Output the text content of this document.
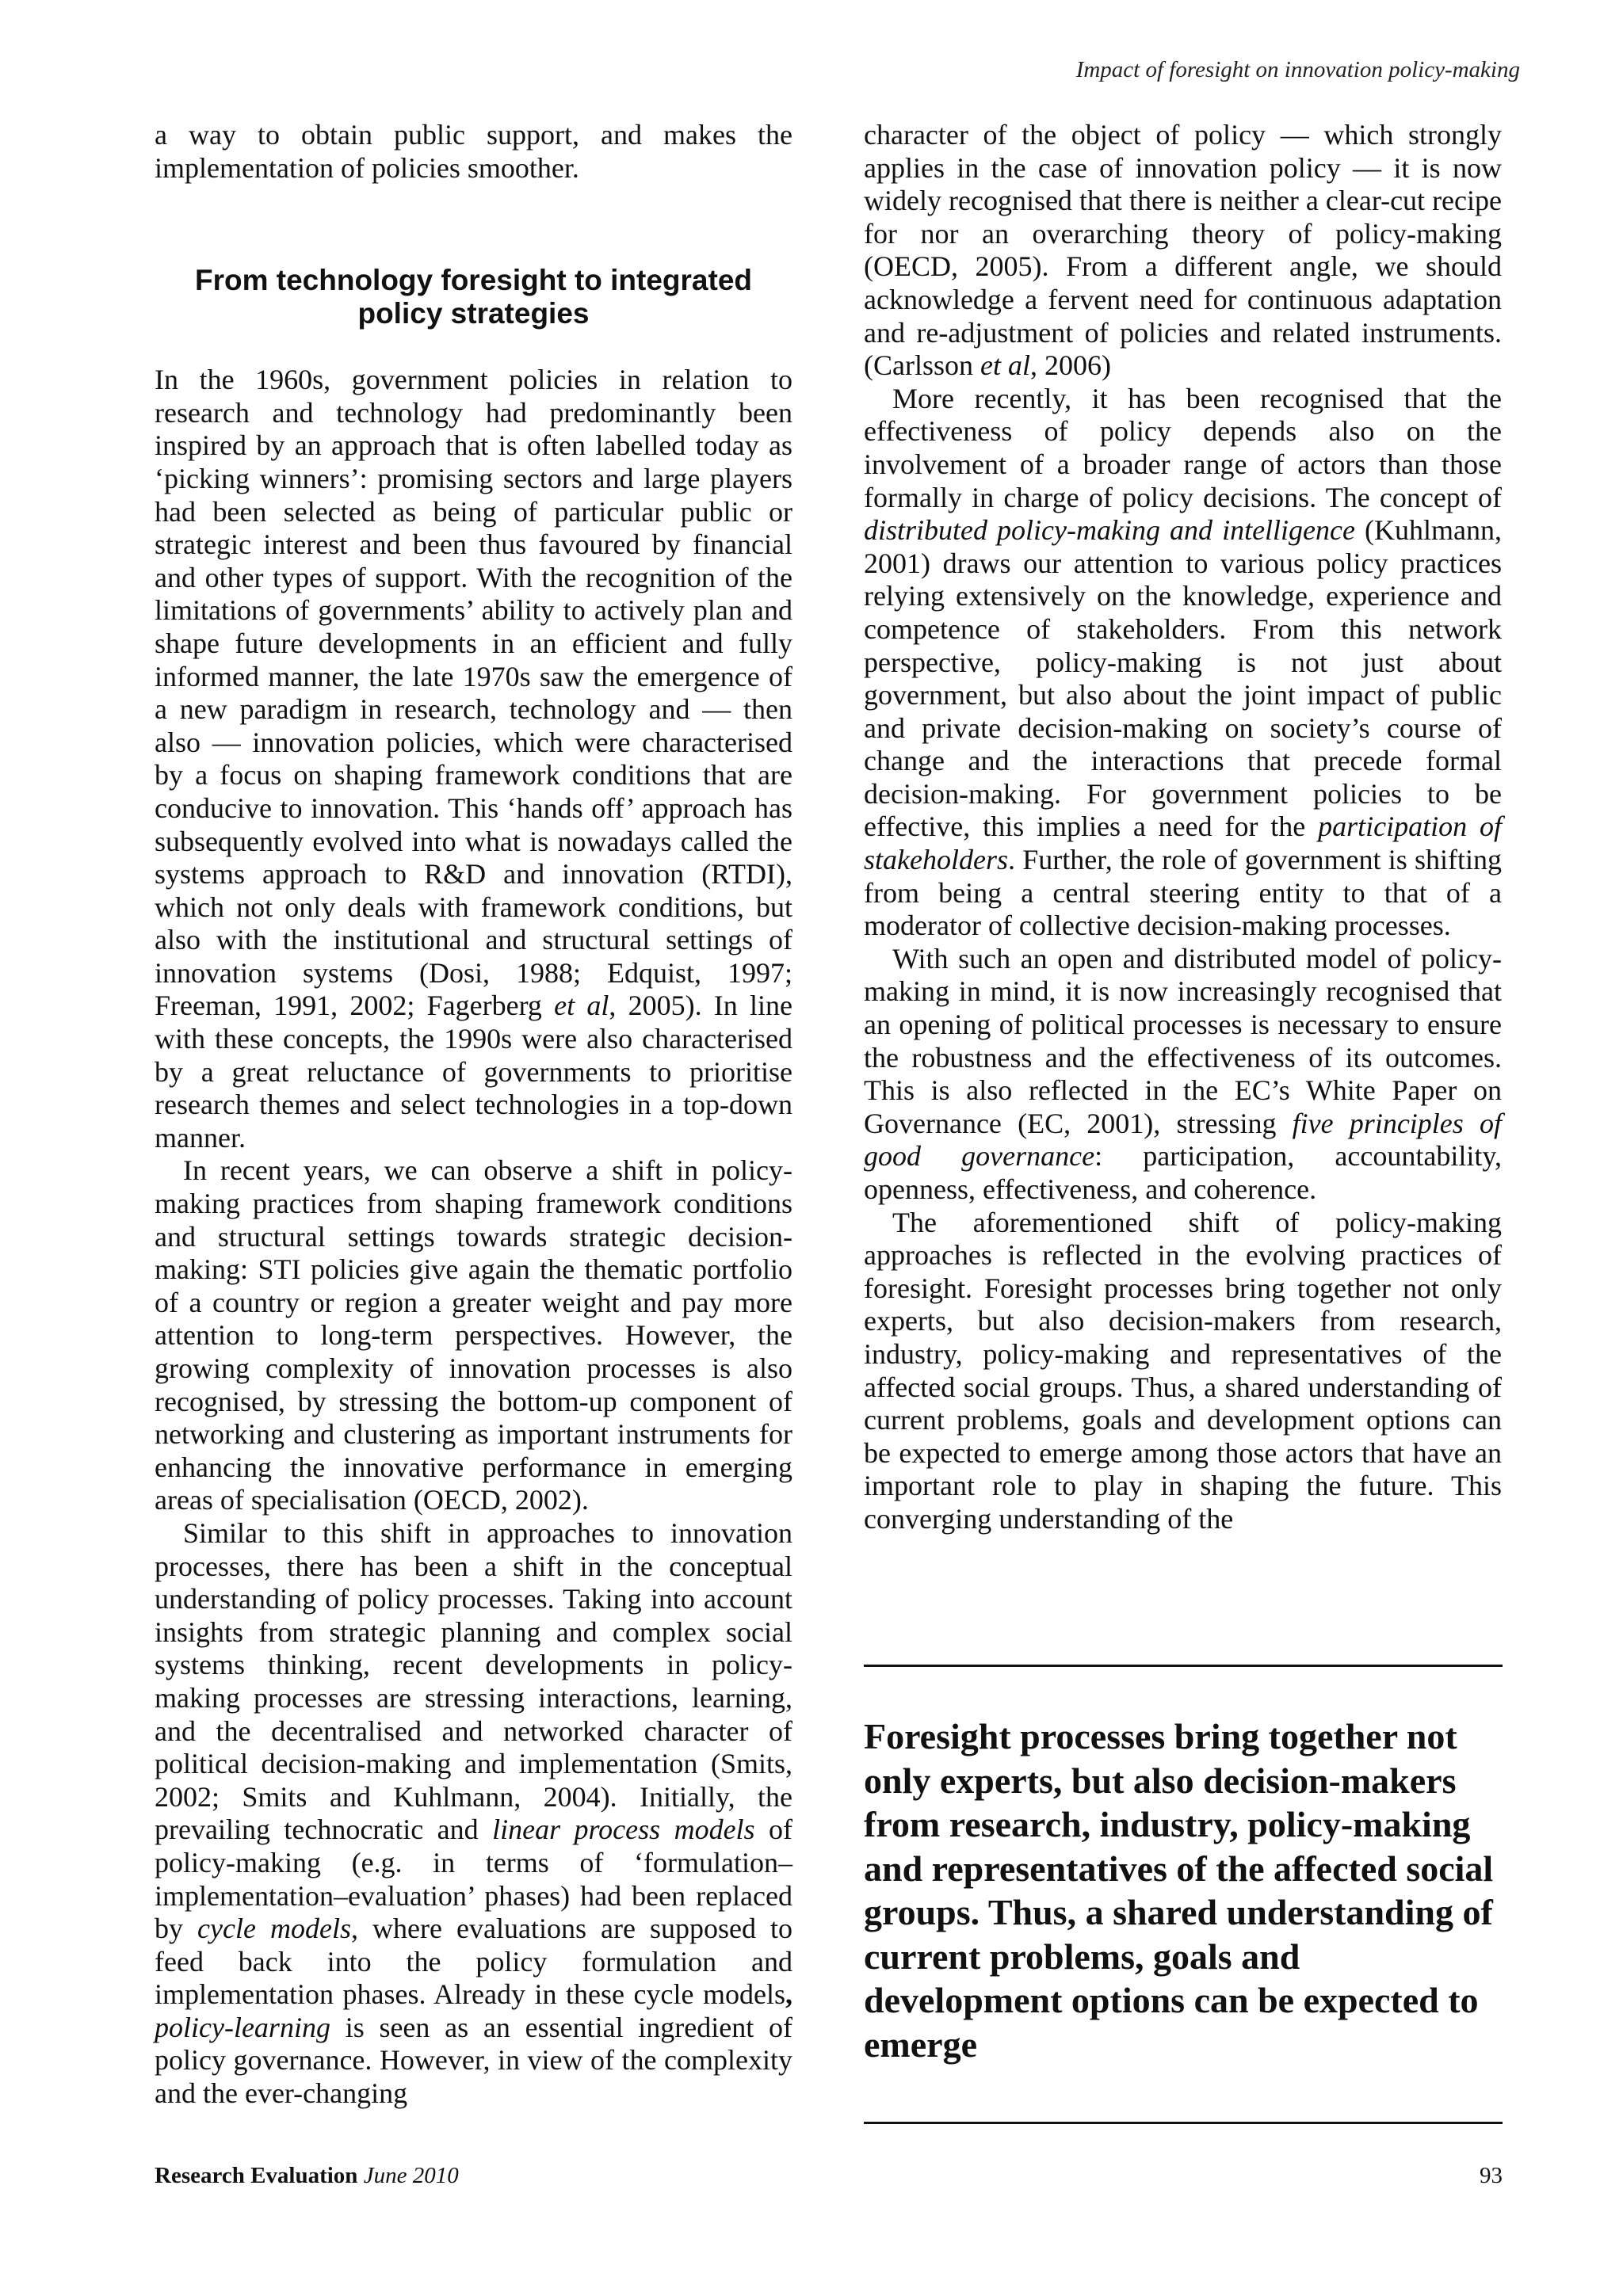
Impact of foresight on innovation policy-making

a way to obtain public support, and makes the implementation of policies smoother.

From technology foresight to integrated policy strategies

In the 1960s, government policies in relation to research and technology had predominantly been inspired by an approach that is often labelled today as ‘picking winners’: promising sectors and large players had been selected as being of particular public or strategic interest and been thus favoured by financial and other types of support. With the recognition of the limitations of governments’ ability to actively plan and shape future developments in an efficient and fully informed manner, the late 1970s saw the emergence of a new paradigm in research, technology and — then also — innovation policies, which were characterised by a focus on shaping framework conditions that are conducive to innovation. This ‘hands off’ approach has subsequently evolved into what is nowadays called the systems approach to R&D and innovation (RTDI), which not only deals with framework conditions, but also with the institutional and structural settings of innovation systems (Dosi, 1988; Edquist, 1997; Freeman, 1991, 2002; Fagerberg et al, 2005). In line with these concepts, the 1990s were also characterised by a great reluctance of governments to prioritise research themes and select technologies in a top-down manner.

In recent years, we can observe a shift in policy-making practices from shaping framework conditions and structural settings towards strategic decision-making: STI policies give again the thematic portfolio of a country or region a greater weight and pay more attention to long-term perspectives. However, the growing complexity of innovation processes is also recognised, by stressing the bottom-up component of networking and clustering as important instruments for enhancing the innovative performance in emerging areas of specialisation (OECD, 2002).

Similar to this shift in approaches to innovation processes, there has been a shift in the conceptual understanding of policy processes. Taking into account insights from strategic planning and complex social systems thinking, recent developments in policy-making processes are stressing interactions, learning, and the decentralised and networked character of political decision-making and implementation (Smits, 2002; Smits and Kuhlmann, 2004). Initially, the prevailing technocratic and linear process models of policy-making (e.g. in terms of ‘formulation–implementation–evaluation’ phases) had been replaced by cycle models, where evaluations are supposed to feed back into the policy formulation and implementation phases. Already in these cycle models, policy-learning is seen as an essential ingredient of policy governance. However, in view of the complexity and the ever-changing

character of the object of policy — which strongly applies in the case of innovation policy — it is now widely recognised that there is neither a clear-cut recipe for nor an overarching theory of policy-making (OECD, 2005). From a different angle, we should acknowledge a fervent need for continuous adaptation and re-adjustment of policies and related instruments. (Carlsson et al, 2006)

More recently, it has been recognised that the effectiveness of policy depends also on the involvement of a broader range of actors than those formally in charge of policy decisions. The concept of distributed policy-making and intelligence (Kuhlmann, 2001) draws our attention to various policy practices relying extensively on the knowledge, experience and competence of stakeholders. From this network perspective, policy-making is not just about government, but also about the joint impact of public and private decision-making on society’s course of change and the interactions that precede formal decision-making. For government policies to be effective, this implies a need for the participation of stakeholders. Further, the role of government is shifting from being a central steering entity to that of a moderator of collective decision-making processes.

With such an open and distributed model of policy-making in mind, it is now increasingly recognised that an opening of political processes is necessary to ensure the robustness and the effectiveness of its outcomes. This is also reflected in the EC’s White Paper on Governance (EC, 2001), stressing five principles of good governance: participation, accountability, openness, effectiveness, and coherence.

The aforementioned shift of policy-making approaches is reflected in the evolving practices of foresight. Foresight processes bring together not only experts, but also decision-makers from research, industry, policy-making and representatives of the affected social groups. Thus, a shared understanding of current problems, goals and development options can be expected to emerge among those actors that have an important role to play in shaping the future. This converging understanding of the

Foresight processes bring together not only experts, but also decision-makers from research, industry, policy-making and representatives of the affected social groups. Thus, a shared understanding of current problems, goals and development options can be expected to emerge

Research Evaluation June 2010	93
